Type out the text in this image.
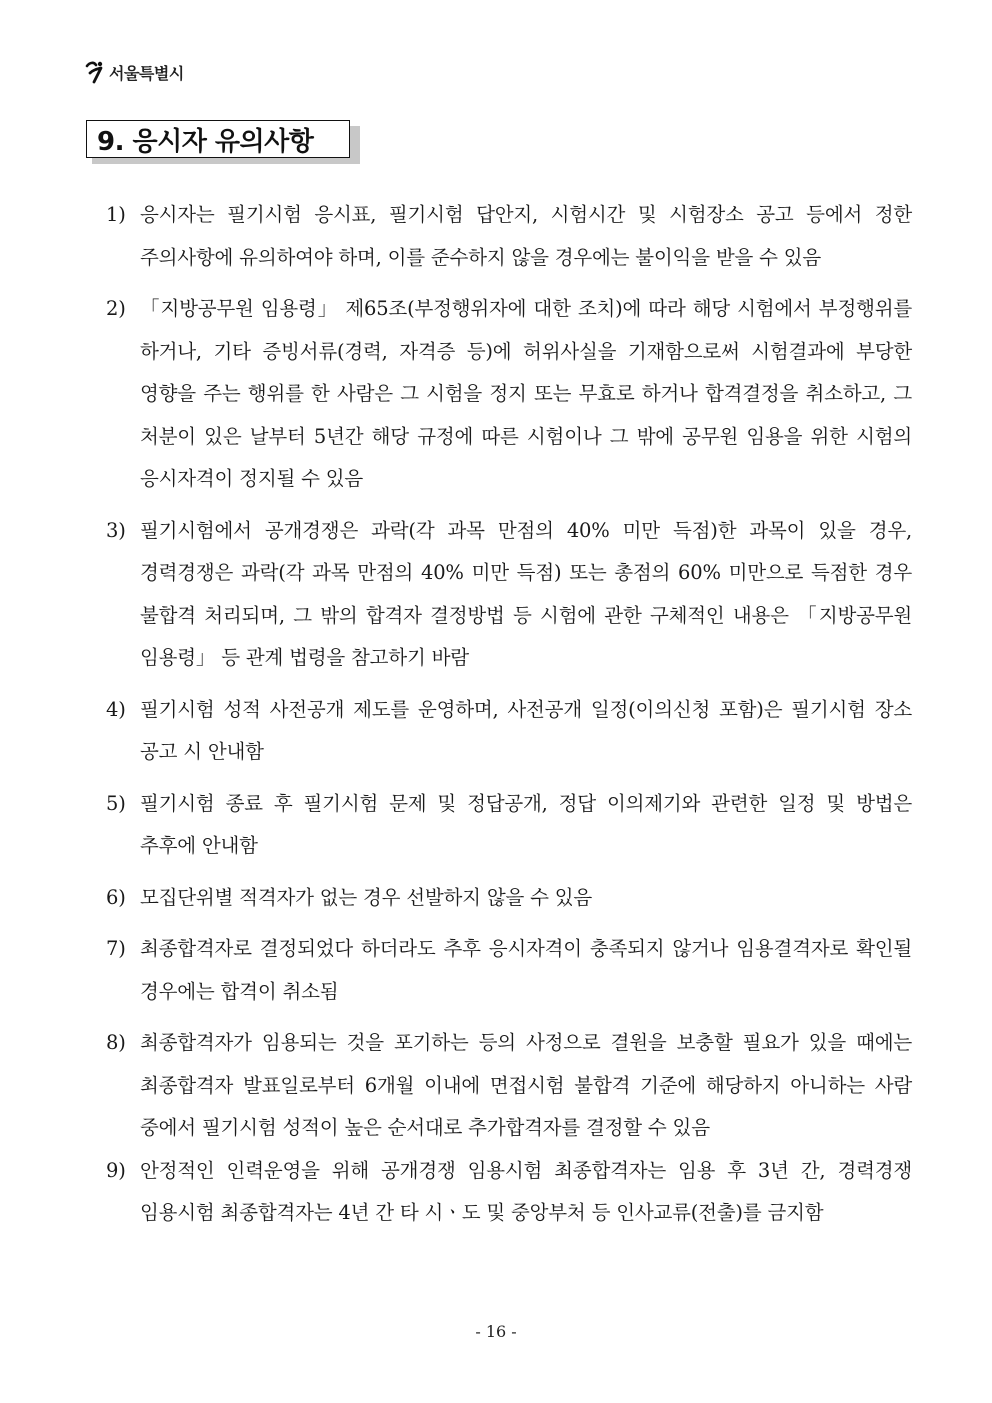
서울특별시
9. 응시자 유의사항
1) 응시자는 필기시험 응시표, 필기시험 답안지, 시험시간 및 시험장소 공고 등에서 정한 주의사항에 유의하여야 하며, 이를 준수하지 않을 경우에는 불이익을 받을 수 있음
2) 「지방공무원 임용령」 제65조(부정행위자에 대한 조치)에 따라 해당 시험에서 부정행위를 하거나, 기타 증빙서류(경력, 자격증 등)에 허위사실을 기재함으로써 시험결과에 부당한 영향을 주는 행위를 한 사람은 그 시험을 정지 또는 무효로 하거나 합격결정을 취소하고, 그 처분이 있은 날부터 5년간 해당 규정에 따른 시험이나 그 밖에 공무원 임용을 위한 시험의 응시자격이 정지될 수 있음
3) 필기시험에서 공개경쟁은 과락(각 과목 만점의 40% 미만 득점)한 과목이 있을 경우, 경력경쟁은 과락(각 과목 만점의 40% 미만 득점) 또는 총점의 60% 미만으로 득점한 경우 불합격 처리되며, 그 밖의 합격자 결정방법 등 시험에 관한 구체적인 내용은 「지방공무원 임용령」 등 관계 법령을 참고하기 바람
4) 필기시험 성적 사전공개 제도를 운영하며, 사전공개 일정(이의신청 포함)은 필기시험 장소 공고 시 안내함
5) 필기시험 종료 후 필기시험 문제 및 정답공개, 정답 이의제기와 관련한 일정 및 방법은 추후에 안내함
6) 모집단위별 적격자가 없는 경우 선발하지 않을 수 있음
7) 최종합격자로 결정되었다 하더라도 추후 응시자격이 충족되지 않거나 임용결격자로 확인될 경우에는 합격이 취소됨
8) 최종합격자가 임용되는 것을 포기하는 등의 사정으로 결원을 보충할 필요가 있을 때에는 최종합격자 발표일로부터 6개월 이내에 면접시험 불합격 기준에 해당하지 아니하는 사람 중에서 필기시험 성적이 높은 순서대로 추가합격자를 결정할 수 있음
9) 안정적인 인력운영을 위해 공개경쟁 임용시험 최종합격자는 임용 후 3년 간, 경력경쟁 임용시험 최종합격자는 4년 간 타 시ㆍ도 및 중앙부처 등 인사교류(전출)를 금지함
- 16 -
